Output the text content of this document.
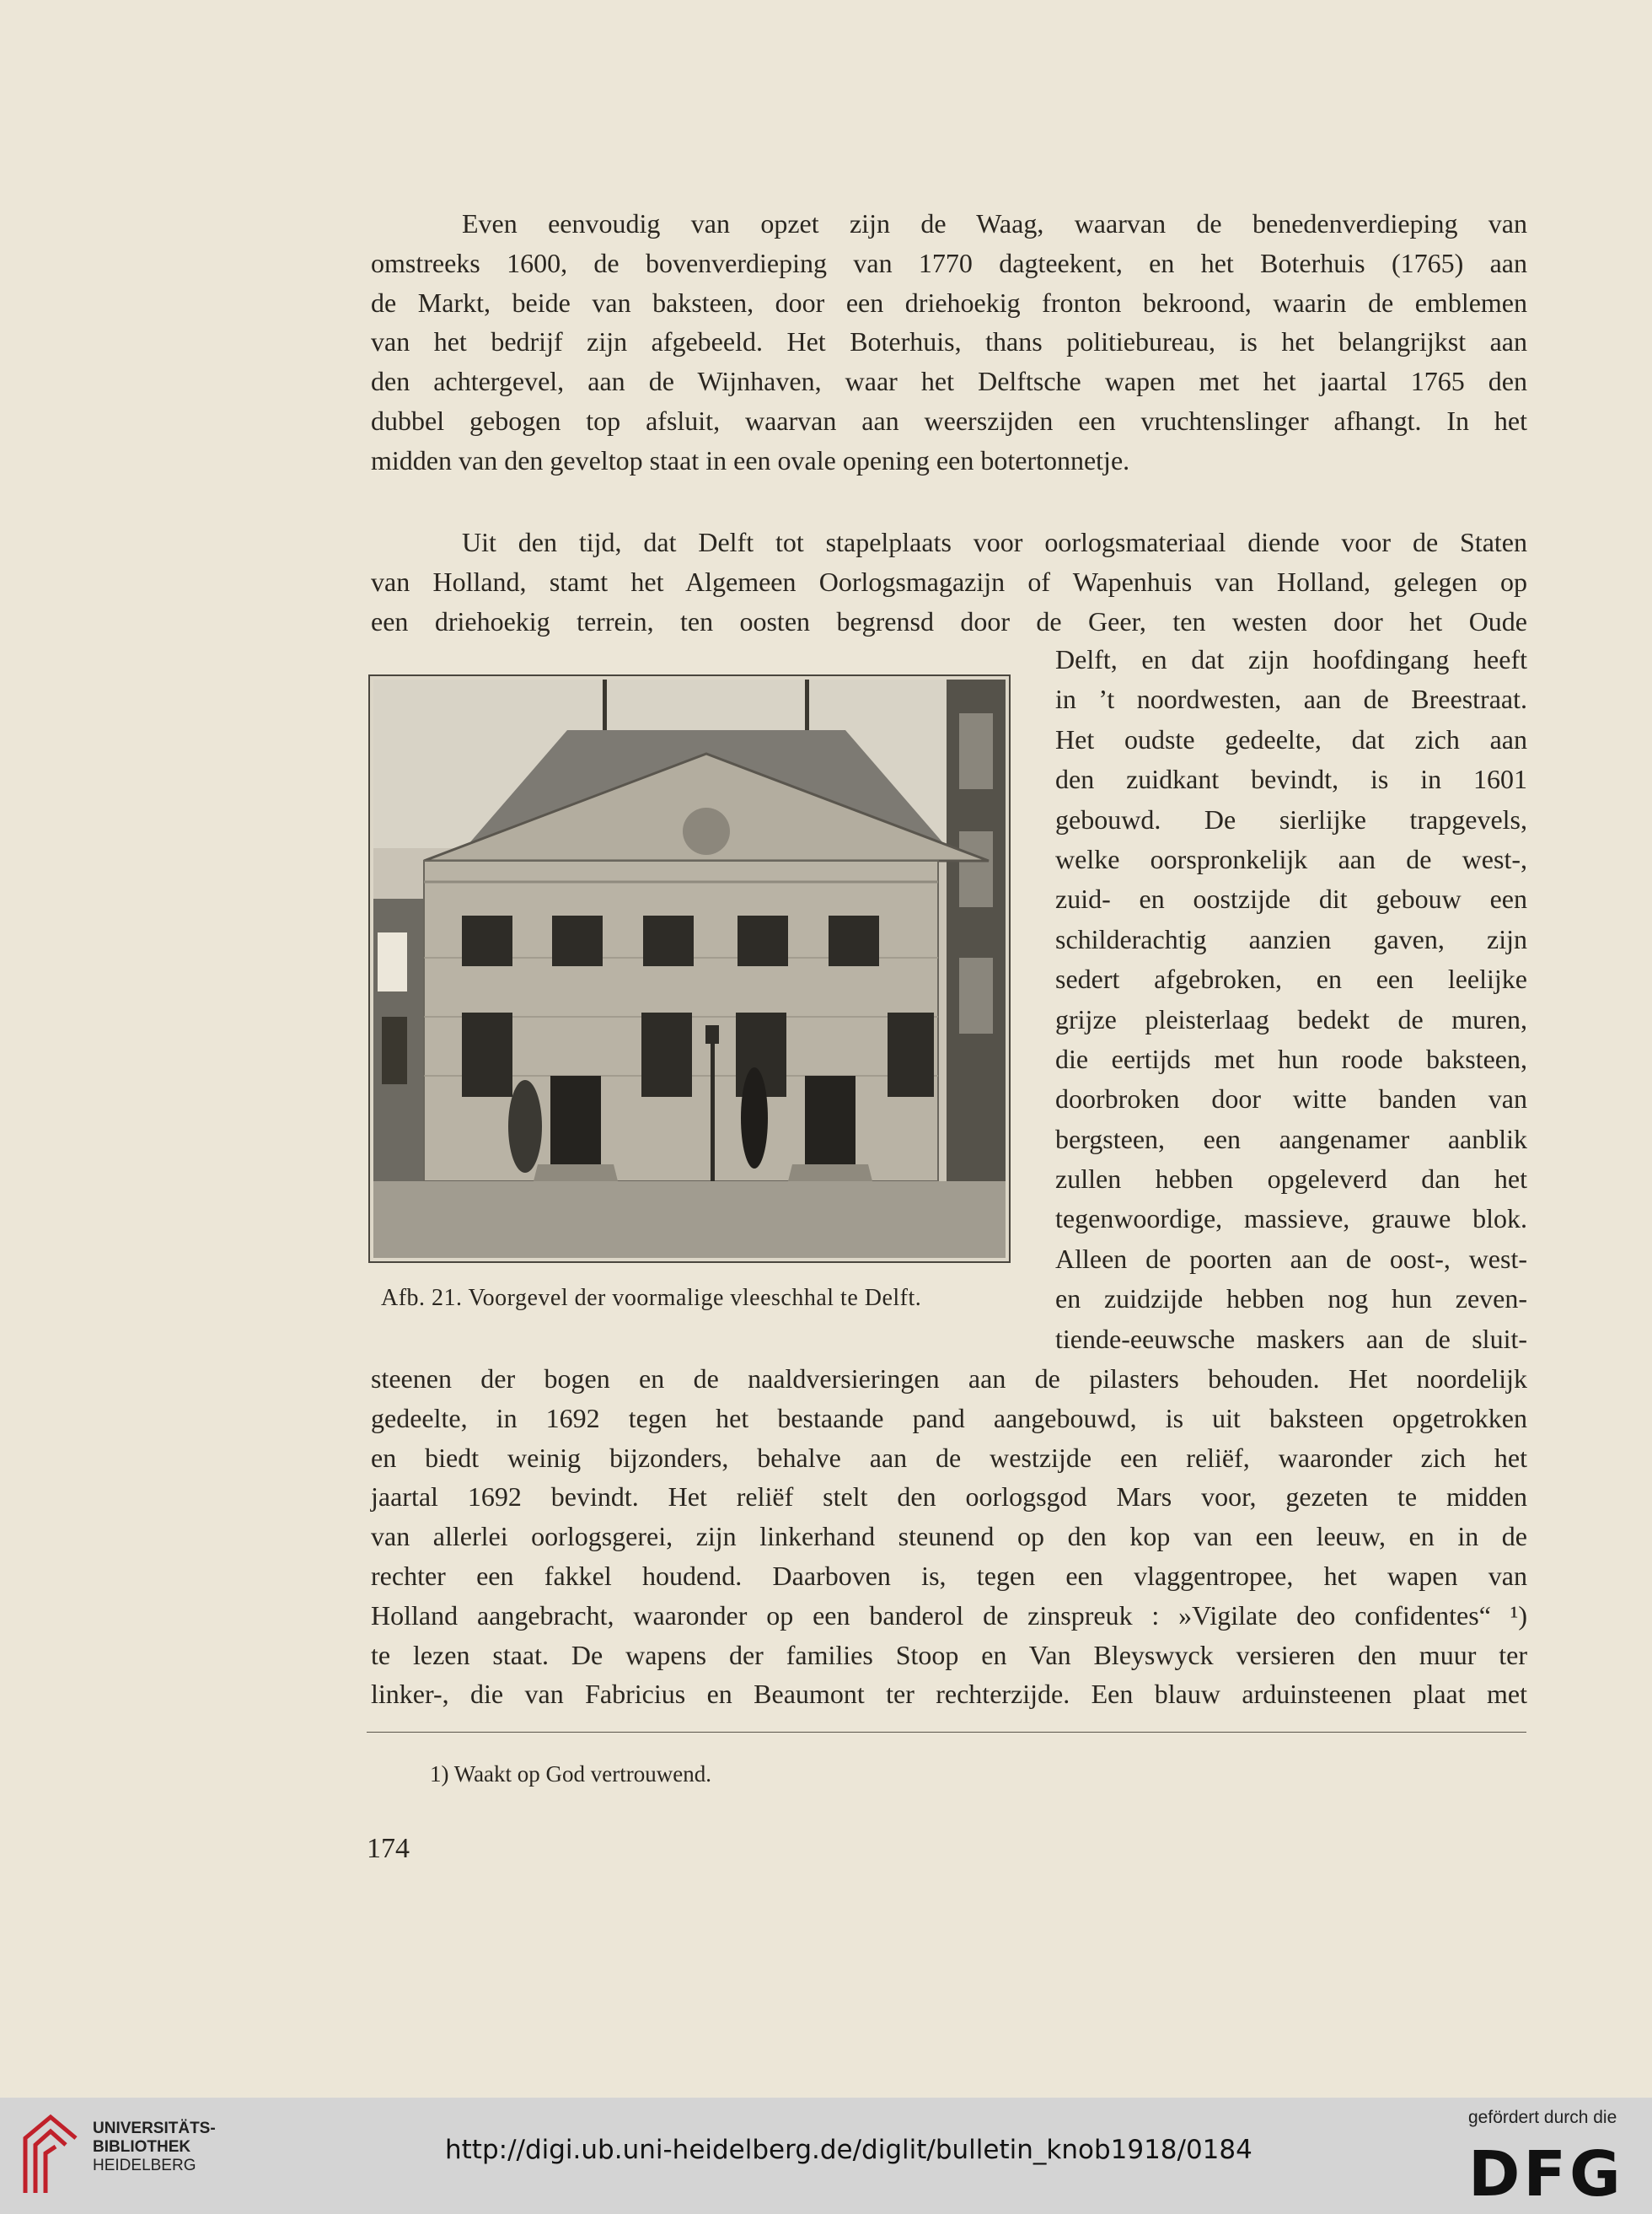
Even eenvoudig van opzet zijn de Waag, waarvan de benedenverdieping van
omstreeks 1600, de bovenverdieping van 1770 dagteekent, en het Boterhuis (1765) aan
de Markt, beide van baksteen, door een driehoekig fronton bekroond, waarin de emblemen
van het bedrijf zijn afgebeeld. Het Boterhuis, thans politiebureau, is het belangrijkst aan
den achtergevel, aan de Wijnhaven, waar het Delftsche wapen met het jaartal 1765 den
dubbel gebogen top afsluit, waarvan aan weerszijden een vruchtenslinger afhangt. In het
midden van den geveltop staat in een ovale opening een botertonnetje.
Uit den tijd, dat Delft tot stapelplaats voor oorlogsmateriaal diende voor de Staten
van Holland, stamt het Algemeen Oorlogsmagazijn of Wapenhuis van Holland, gelegen op
een driehoekig terrein, ten oosten begrensd door de Geer, ten westen door het Oude
Delft, en dat zijn hoofdingang heeft
in ’t noordwesten, aan de Breestraat.
Het oudste gedeelte, dat zich aan
den zuidkant bevindt, is in 1601
gebouwd. De sierlijke trapgevels,
welke oorspronkelijk aan de west-,
zuid- en oostzijde dit gebouw een
schilderachtig aanzien gaven, zijn
sedert afgebroken, en een leelijke
grijze pleisterlaag bedekt de muren,
die eertijds met hun roode baksteen,
doorbroken door witte banden van
bergsteen, een aangenamer aanblik
zullen hebben opgeleverd dan het
tegenwoordige, massieve, grauwe blok.
Alleen de poorten aan de oost-, west-
en zuidzijde hebben nog hun zeven-
tiende-eeuwsche maskers aan de sluit-
Afb. 21. Voorgevel der voormalige vleeschhal te Delft.
steenen der bogen en de naaldversieringen aan de pilasters behouden. Het noordelijk
gedeelte, in 1692 tegen het bestaande pand aangebouwd, is uit baksteen opgetrokken
en biedt weinig bijzonders, behalve aan de westzijde een reliëf, waaronder zich het
jaartal 1692 bevindt. Het reliëf stelt den oorlogsgod Mars voor, gezeten te midden
van allerlei oorlogsgerei, zijn linkerhand steunend op den kop van een leeuw, en in de
rechter een fakkel houdend. Daarboven is, tegen een vlaggentropee, het wapen van
Holland aangebracht, waaronder op een banderol de zinspreuk : »Vigilate deo confidentes“ ¹)
te lezen staat. De wapens der families Stoop en Van Bleyswyck versieren den muur ter
linker-, die van Fabricius en Beaumont ter rechterzijde. Een blauw arduinsteenen plaat met
1) Waakt op God vertrouwend.
174
UNIVERSITÄTS-
BIBLIOTHEK
HEIDELBERG
http://digi.ub.uni-heidelberg.de/diglit/bulletin_knob1918/0184
gefördert durch die
DFG
